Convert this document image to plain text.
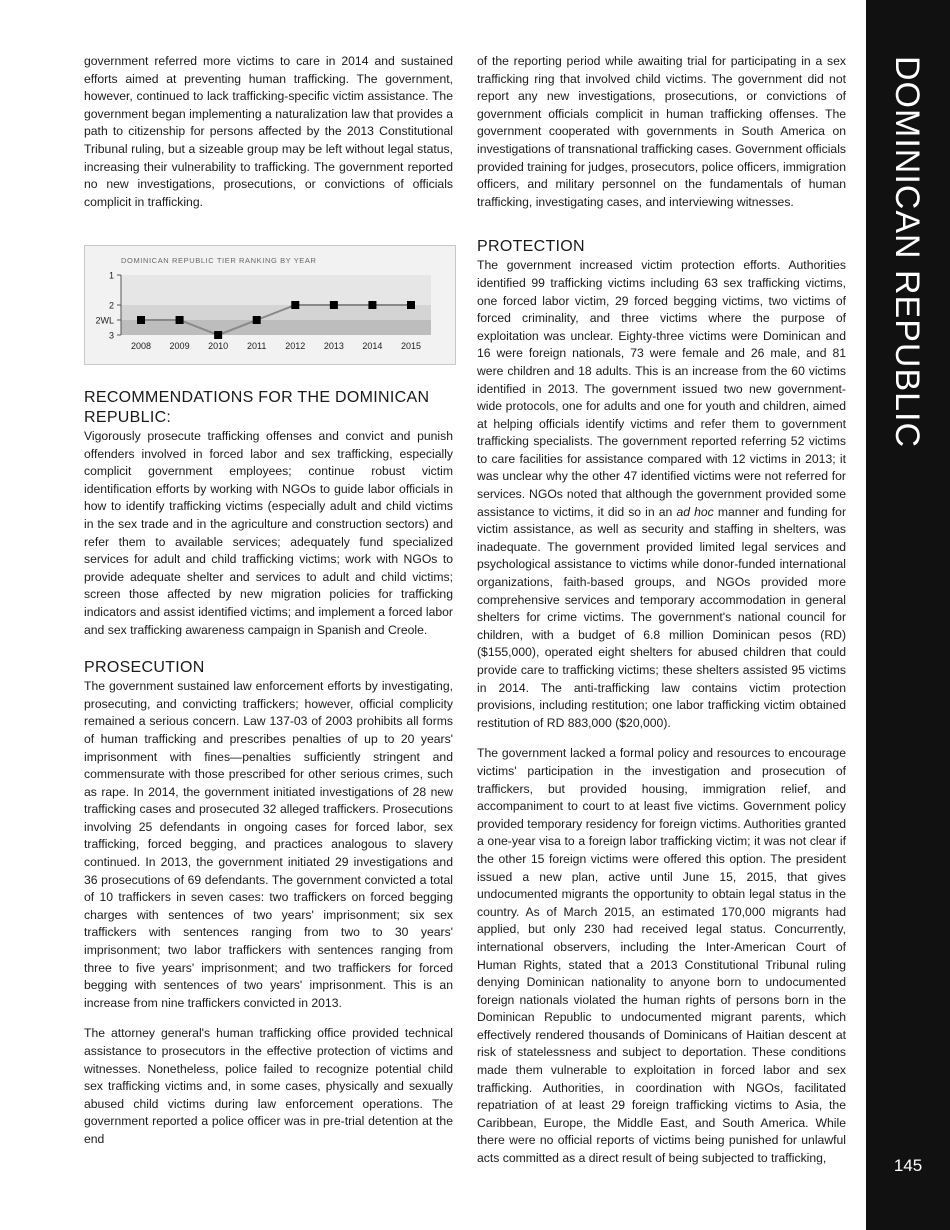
DOMINICAN REPUBLIC
145

government referred more victims to care in 2014 and sustained efforts aimed at preventing human trafficking. The government, however, continued to lack trafficking-specific victim assistance. The government began implementing a naturalization law that provides a path to citizenship for persons affected by the 2013 Constitutional Tribunal ruling, but a sizeable group may be left without legal status, increasing their vulnerability to trafficking. The government reported no new investigations, prosecutions, or convictions of officials complicit in trafficking.

DOMINICAN REPUBLIC TIER RANKING BY YEAR
1
2
2WL
3
2008 2009 2010 2011 2012 2013 2014 2015
RECOMMENDATIONS FOR THE DOMINICAN
REPUBLIC:

Vigorously prosecute trafficking offenses and convict and punish offenders involved in forced labor and sex trafficking, especially complicit government employees; continue robust victim identification efforts by working with NGOs to guide labor officials in how to identify trafficking victims (especially adult and child victims in the sex trade and in the agriculture and construction sectors) and refer them to available services; adequately fund specialized services for adult and child trafficking victims; work with NGOs to provide adequate shelter and services to adult and child victims; screen those affected by new migration policies for trafficking indicators and assist identified victims; and implement a forced labor and sex trafficking awareness campaign in Spanish and Creole.

PROSECUTION

The government sustained law enforcement efforts by investigating, prosecuting, and convicting traffickers; however, official complicity remained a serious concern. Law 137-03 of 2003 prohibits all forms of human trafficking and prescribes penalties of up to 20 years' imprisonment with fines—penalties sufficiently stringent and commensurate with those prescribed for other serious crimes, such as rape. In 2014, the government initiated investigations of 28 new trafficking cases and prosecuted 32 alleged traffickers. Prosecutions involving 25 defendants in ongoing cases for forced labor, sex trafficking, forced begging, and practices analogous to slavery continued. In 2013, the government initiated 29 investigations and 36 prosecutions of 69 defendants. The government convicted a total of 10 traffickers in seven cases: two traffickers on forced begging charges with sentences of two years' imprisonment; six sex traffickers with sentences ranging from two to 30 years' imprisonment; two labor traffickers with sentences ranging from three to five years' imprisonment; and two traffickers for forced begging with sentences of two years' imprisonment. This is an increase from nine traffickers convicted in 2013.

The attorney general's human trafficking office provided technical assistance to prosecutors in the effective protection of victims and witnesses. Nonetheless, police failed to recognize potential child sex trafficking victims and, in some cases, physically and sexually abused child victims during law enforcement operations. The government reported a police officer was in pre-trial detention at the end

of the reporting period while awaiting trial for participating in a sex trafficking ring that involved child victims. The government did not report any new investigations, prosecutions, or convictions of government officials complicit in human trafficking offenses. The government cooperated with governments in South America on investigations of transnational trafficking cases. Government officials provided training for judges, prosecutors, police officers, immigration officers, and military personnel on the fundamentals of human trafficking, investigating cases, and interviewing witnesses.

PROTECTION

The government increased victim protection efforts. Authorities identified 99 trafficking victims including 63 sex trafficking victims, one forced labor victim, 29 forced begging victims, two victims of forced criminality, and three victims where the purpose of exploitation was unclear. Eighty-three victims were Dominican and 16 were foreign nationals, 73 were female and 26 male, and 81 were children and 18 adults. This is an increase from the 60 victims identified in 2013. The government issued two new government-wide protocols, one for adults and one for youth and children, aimed at helping officials identify victims and refer them to government trafficking specialists. The government reported referring 52 victims to care facilities for assistance compared with 12 victims in 2013; it was unclear why the other 47 identified victims were not referred for services. NGOs noted that although the government provided some assistance to victims, it did so in an ad hoc manner and funding for victim assistance, as well as security and staffing in shelters, was inadequate. The government provided limited legal services and psychological assistance to victims while donor-funded international organizations, faith-based groups, and NGOs provided more comprehensive services and temporary accommodation in general shelters for crime victims. The government's national council for children, with a budget of 6.8 million Dominican pesos (RD) ($155,000), operated eight shelters for abused children that could provide care to trafficking victims; these shelters assisted 95 victims in 2014. The anti-trafficking law contains victim protection provisions, including restitution; one labor trafficking victim obtained restitution of RD 883,000 ($20,000).

The government lacked a formal policy and resources to encourage victims' participation in the investigation and prosecution of traffickers, but provided housing, immigration relief, and accompaniment to court to at least five victims. Government policy provided temporary residency for foreign victims. Authorities granted a one-year visa to a foreign labor trafficking victim; it was not clear if the other 15 foreign victims were offered this option. The president issued a new plan, active until June 15, 2015, that gives undocumented migrants the opportunity to obtain legal status in the country. As of March 2015, an estimated 170,000 migrants had applied, but only 230 had received legal status. Concurrently, international observers, including the Inter-American Court of Human Rights, stated that a 2013 Constitutional Tribunal ruling denying Dominican nationality to anyone born to undocumented foreign nationals violated the human rights of persons born in the Dominican Republic to undocumented migrant parents, which effectively rendered thousands of Dominicans of Haitian descent at risk of statelessness and subject to deportation. These conditions made them vulnerable to exploitation in forced labor and sex trafficking. Authorities, in coordination with NGOs, facilitated repatriation of at least 29 foreign trafficking victims to Asia, the Caribbean, Europe, the Middle East, and South America. While there were no official reports of victims being punished for unlawful acts committed as a direct result of being subjected to trafficking,
